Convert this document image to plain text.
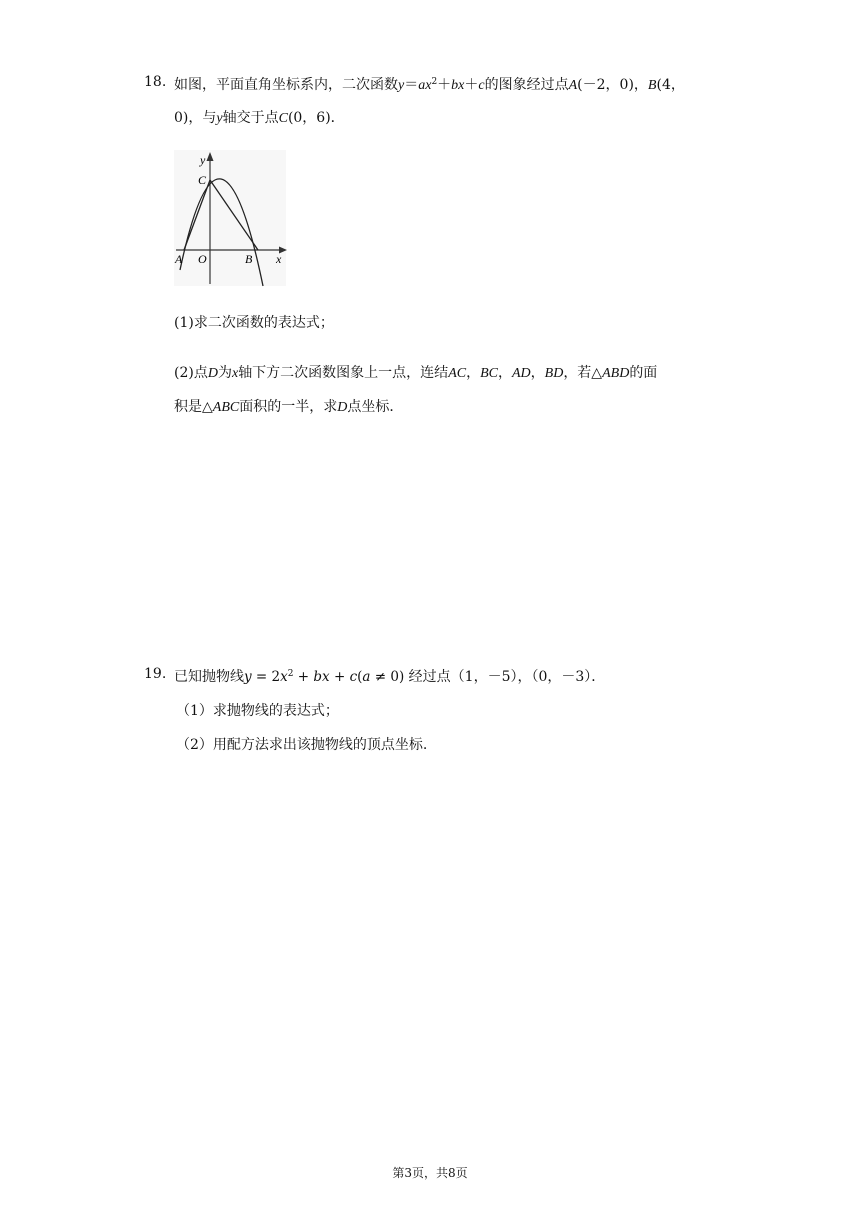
18. 如图，平面直角坐标系内，二次函数$y=ax^2+bx+c$的图象经过点A(－2，0)，B(4，
0)，与y轴交于点C(0，6)．
y
C
A O	B x
(1)求二次函数的表达式；
(2)点D为x轴下方二次函数图象上一点，连结AC，BC，AD，BD，若△ABD的面
积是△ABC面积的一半，求D点坐标．
19. 已知抛物线$y = 2x^2$ + bx + c(a ≠ 0) 经过点（1，－5），（0，－3）．
（1）求抛物线的表达式；
（2）用配方法求出该抛物线的顶点坐标.
第3页，共8页
